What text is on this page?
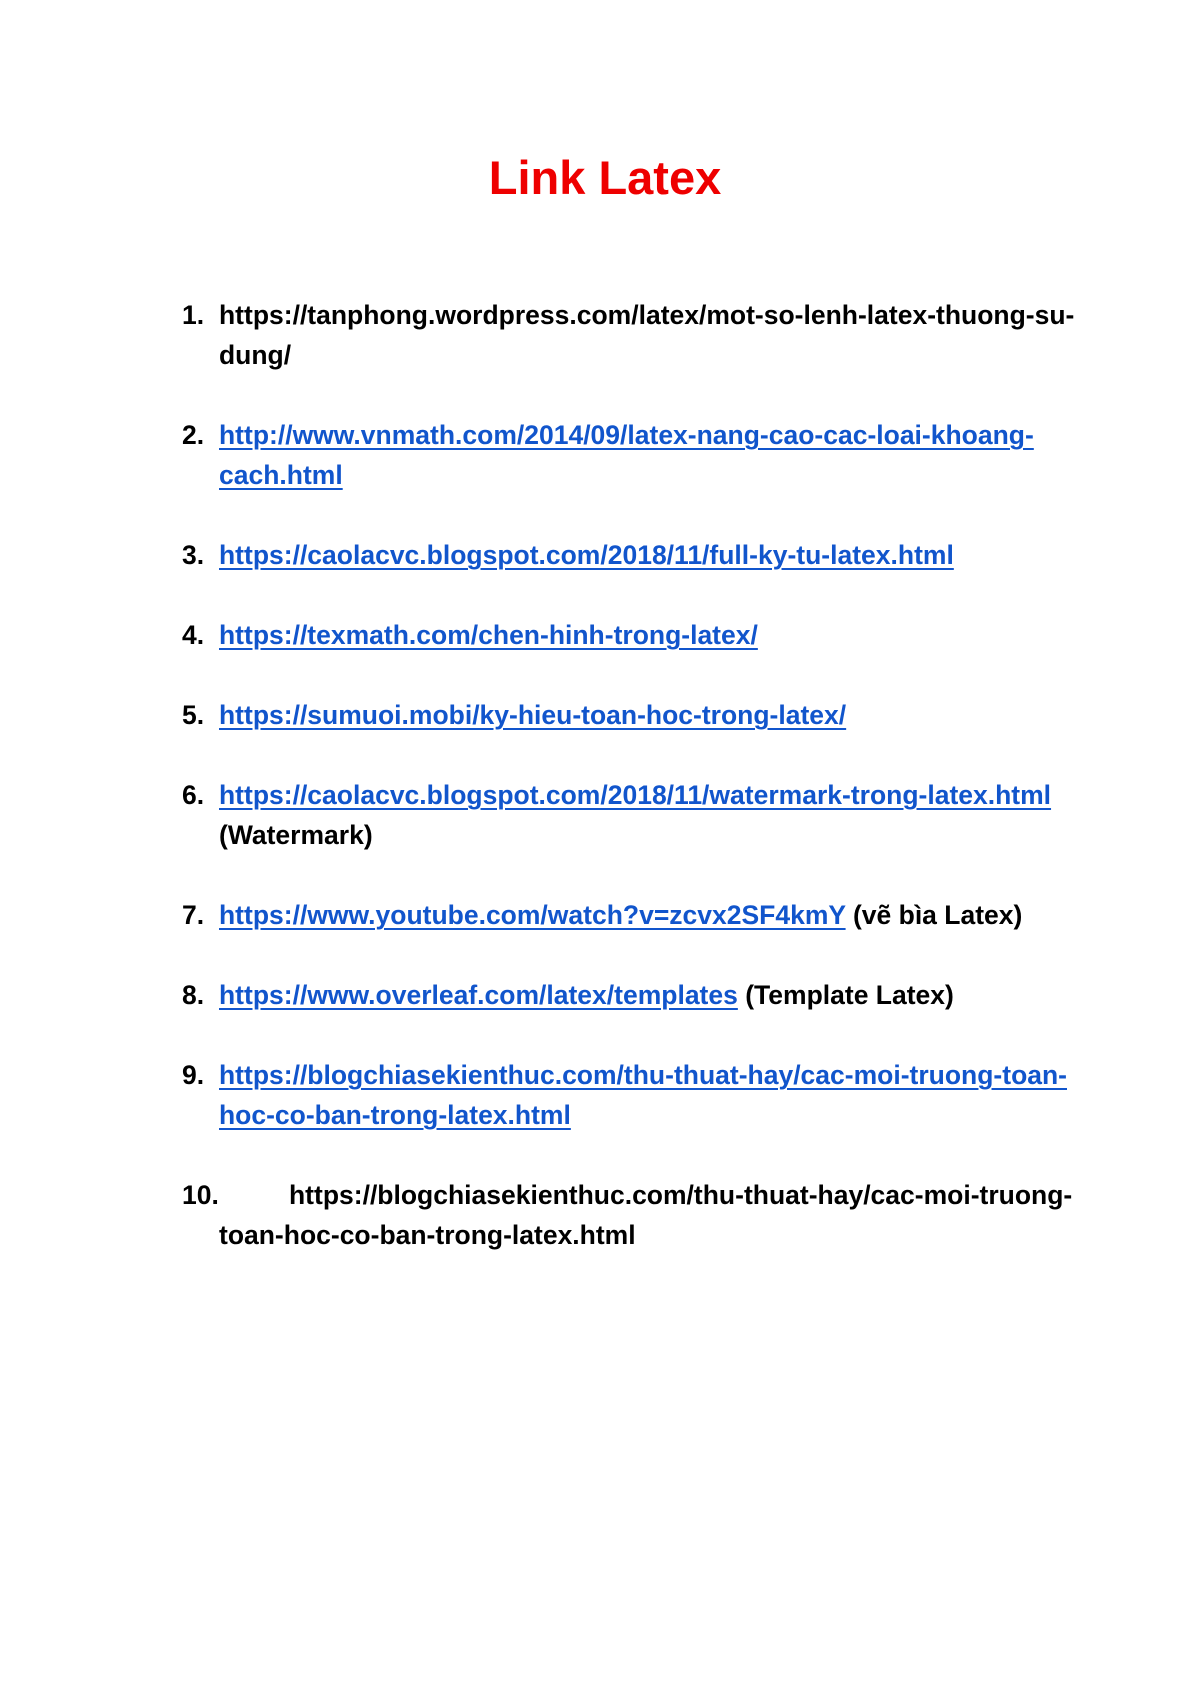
Link Latex
1. https://tanphong.wordpress.com/latex/mot-so-lenh-latex-thuong-su-dung/
2. http://www.vnmath.com/2014/09/latex-nang-cao-cac-loai-khoang-cach.html
3. https://caolacvc.blogspot.com/2018/11/full-ky-tu-latex.html
4. https://texmath.com/chen-hinh-trong-latex/
5. https://sumuoi.mobi/ky-hieu-toan-hoc-trong-latex/
6. https://caolacvc.blogspot.com/2018/11/watermark-trong-latex.html (Watermark)
7. https://www.youtube.com/watch?v=zcvx2SF4kmY (vẽ bìa Latex)
8. https://www.overleaf.com/latex/templates (Template Latex)
9. https://blogchiasekienthuc.com/thu-thuat-hay/cac-moi-truong-toan-hoc-co-ban-trong-latex.html
10.	https://blogchiasekienthuc.com/thu-thuat-hay/cac-moi-truong-toan-hoc-co-ban-trong-latex.html
